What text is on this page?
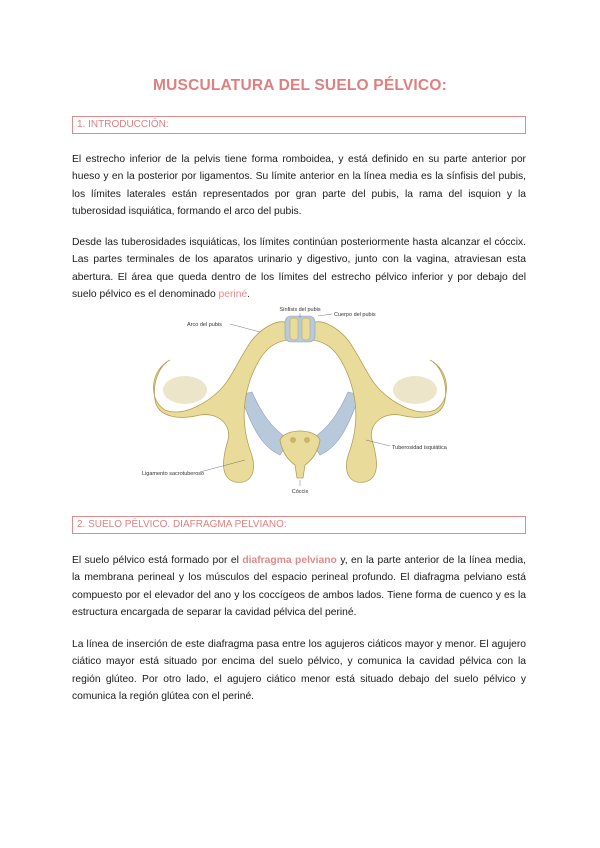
MUSCULATURA DEL SUELO PÉLVICO:
1. INTRODUCCIÓN:

El estrecho inferior de la pelvis tiene forma romboidea, y está definido en su parte anterior por hueso y en la posterior por ligamentos. Su límite anterior en la línea media es la sínfisis del pubis, los límites laterales están representados por gran parte del pubis, la rama del isquion y la tuberosidad isquiática, formando el arco del pubis.

Desde las tuberosidades isquiáticas, los límites continúan posteriormente hasta alcanzar el cóccix. Las partes terminales de los aparatos urinario y digestivo, junto con la vagina, atraviesan esta abertura. El área que queda dentro de los límites del estrecho pélvico inferior y por debajo del suelo pélvico es el denominado periné.

Arco del pubis
Sínfisis del pubis
Cuerpo del pubis
Tuberosidad isquiática
Ligamento sacrotuberoso
Cóccix
2. SUELO PÉLVICO. DIAFRAGMA PELVIANO:

El suelo pélvico está formado por el diafragma pelviano y, en la parte anterior de la línea media, la membrana perineal y los músculos del espacio perineal profundo. El diafragma pelviano está compuesto por el elevador del ano y los coccígeos de ambos lados. Tiene forma de cuenco y es la estructura encargada de separar la cavidad pélvica del periné.

La línea de inserción de este diafragma pasa entre los agujeros ciáticos mayor y menor. El agujero ciático mayor está situado por encima del suelo pélvico, y comunica la cavidad pélvica con la región glúteo. Por otro lado, el agujero ciático menor está situado debajo del suelo pélvico y comunica la región glútea con el periné.
